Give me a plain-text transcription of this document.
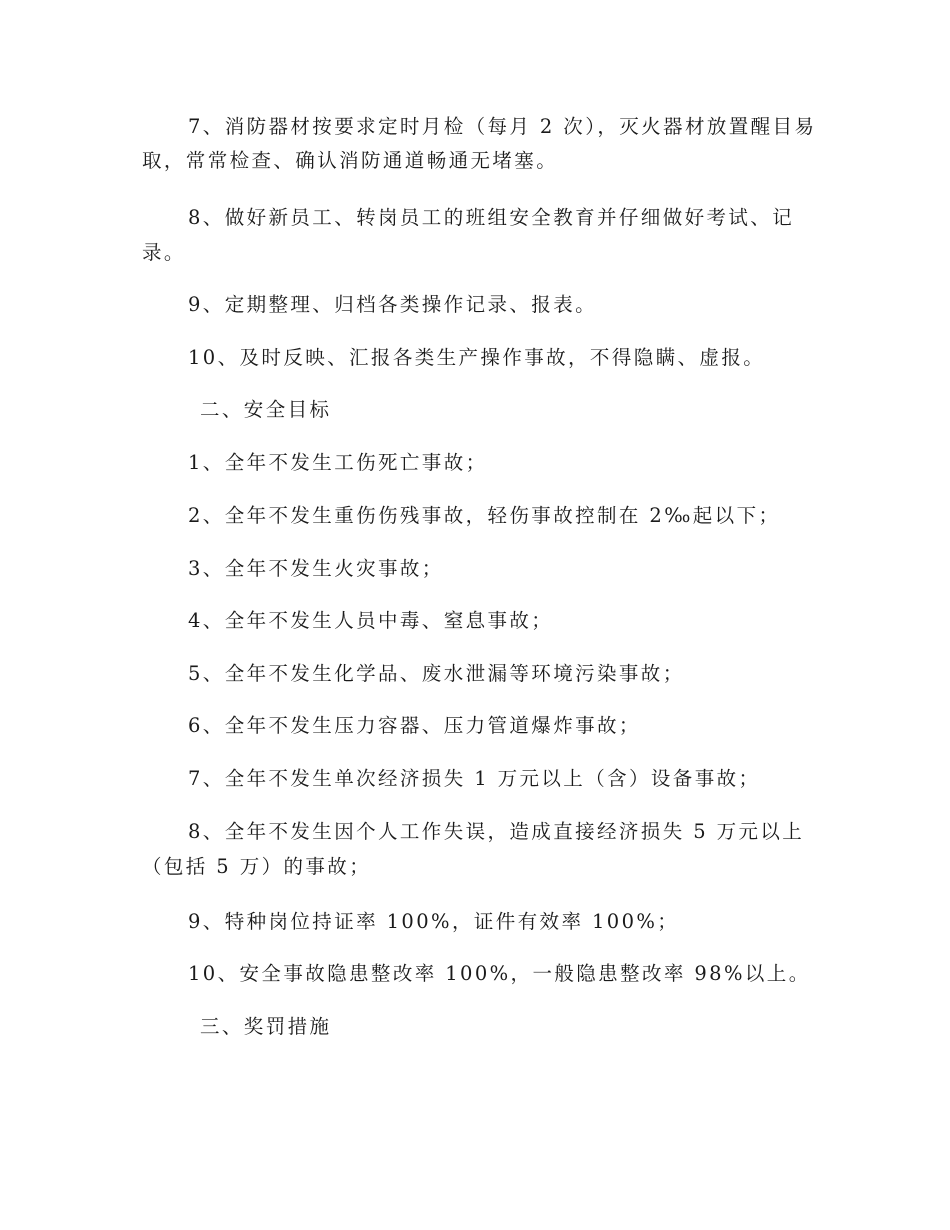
7、消防器材按要求定时月检（每月 2 次），灭火器材放置醒目易
取，常常检查、确认消防通道畅通无堵塞。
8、做好新员工、转岗员工的班组安全教育并仔细做好考试、记
录。
9、定期整理、归档各类操作记录、报表。
10、及时反映、汇报各类生产操作事故，不得隐瞒、虚报。
二、安全目标
1、全年不发生工伤死亡事故；
2、全年不发生重伤伤残事故，轻伤事故控制在 2‰起以下；
3、全年不发生火灾事故；
4、全年不发生人员中毒、窒息事故；
5、全年不发生化学品、废水泄漏等环境污染事故；
6、全年不发生压力容器、压力管道爆炸事故；
7、全年不发生单次经济损失 1 万元以上（含）设备事故；
8、全年不发生因个人工作失误，造成直接经济损失 5 万元以上
（包括 5 万）的事故；
9、特种岗位持证率 100%，证件有效率 100%；
10、安全事故隐患整改率 100%，一般隐患整改率 98%以上。
三、奖罚措施
